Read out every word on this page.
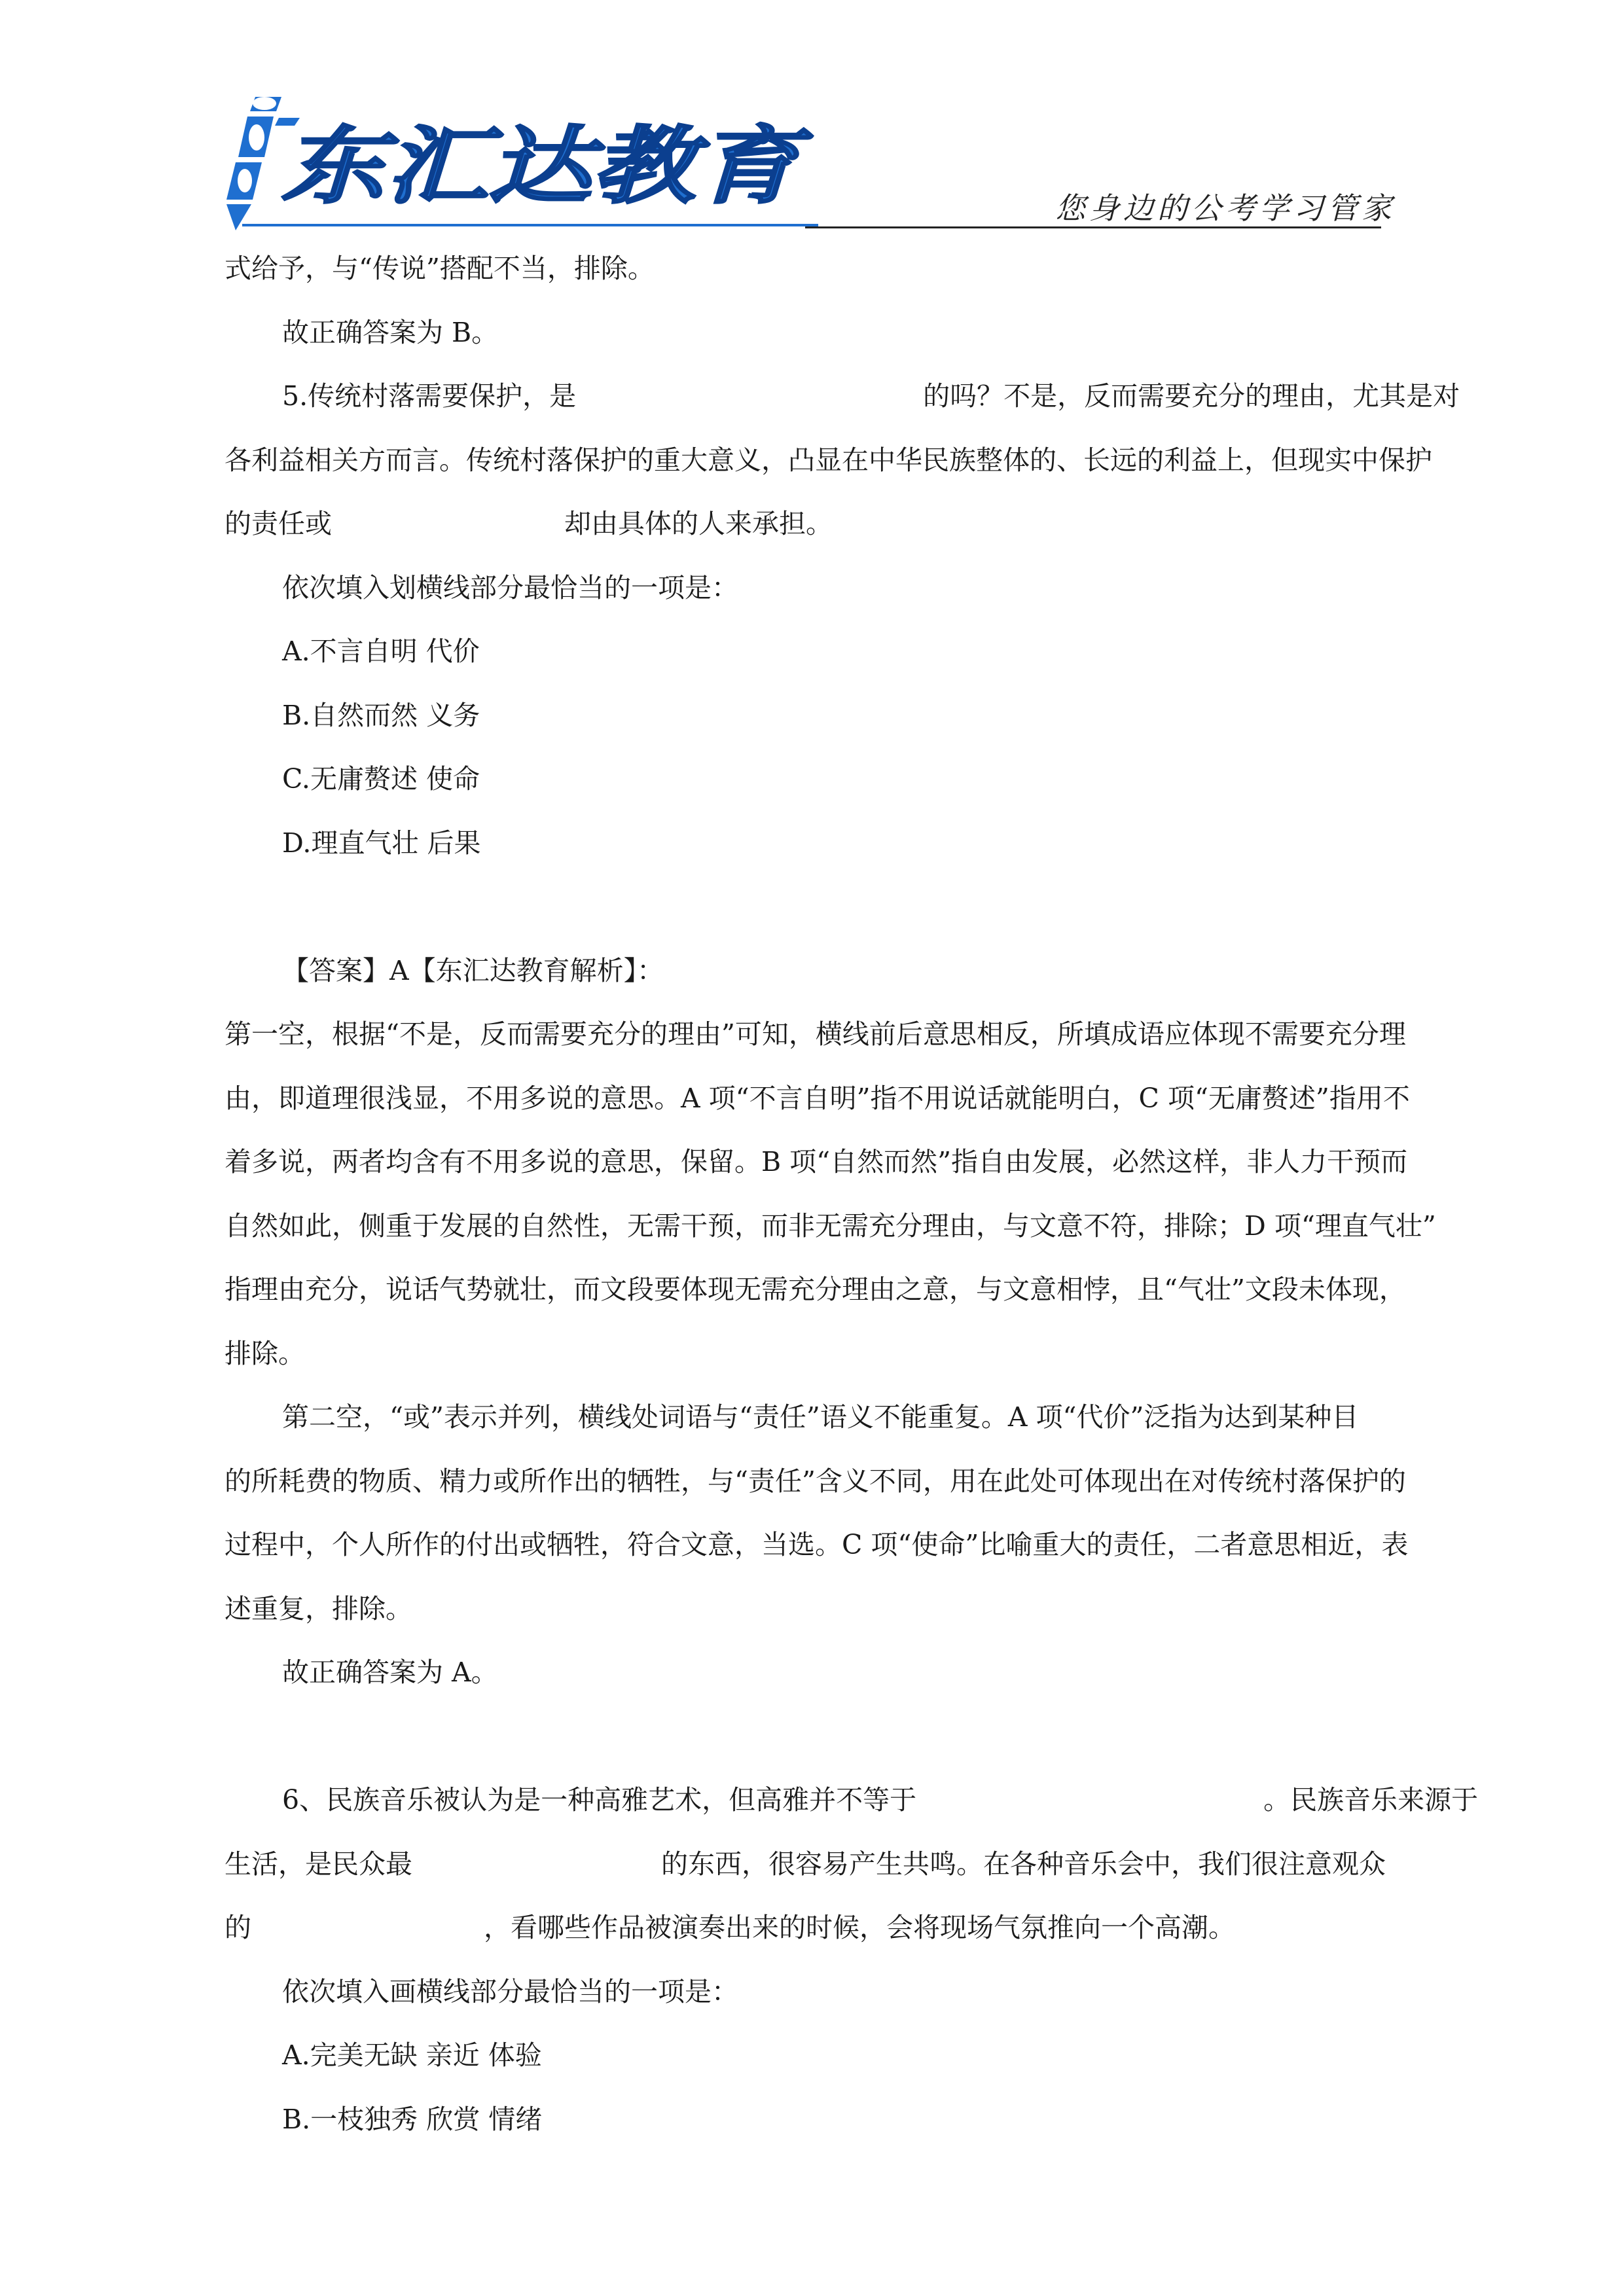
东汇达教育	您身边的公考学习管家

式给予，与“传说”搭配不当，排除。

故正确答案为 B。

5.传统村落需要保护，是	的吗？不是，反而需要充分的理由，尤其是对

各利益相关方而言。传统村落保护的重大意义，凸显在中华民族整体的、长远的利益上，但现实中保护

的责任或	却由具体的人来承担。

依次填入划横线部分最恰当的一项是：

A.不言自明 代价

B.自然而然 义务

C.无庸赘述 使命

D.理直气壮 后果

【答案】A【东汇达教育解析】：

第一空，根据“不是，反而需要充分的理由”可知，横线前后意思相反，所填成语应体现不需要充分理

由，即道理很浅显，不用多说的意思。A 项“不言自明”指不用说话就能明白，C 项“无庸赘述”指用不

着多说，两者均含有不用多说的意思，保留。B 项“自然而然”指自由发展，必然这样，非人力干预而

自然如此，侧重于发展的自然性，无需干预，而非无需充分理由，与文意不符，排除；D 项“理直气壮”

指理由充分，说话气势就壮，而文段要体现无需充分理由之意，与文意相悖，且“气壮”文段未体现，

排除。

第二空，“或”表示并列，横线处词语与“责任”语义不能重复。A 项“代价”泛指为达到某种目

的所耗费的物质、精力或所作出的牺牲，与“责任”含义不同，用在此处可体现出在对传统村落保护的

过程中，个人所作的付出或牺牲，符合文意，当选。C 项“使命”比喻重大的责任，二者意思相近，表

述重复，排除。

故正确答案为 A。

6、民族音乐被认为是一种高雅艺术，但高雅并不等于	。民族音乐来源于

生活，是民众最	的东西，很容易产生共鸣。在各种音乐会中，我们很注意观众

的	，看哪些作品被演奏出来的时候，会将现场气氛推向一个高潮。

依次填入画横线部分最恰当的一项是：

A.完美无缺 亲近 体验

B.一枝独秀 欣赏 情绪
